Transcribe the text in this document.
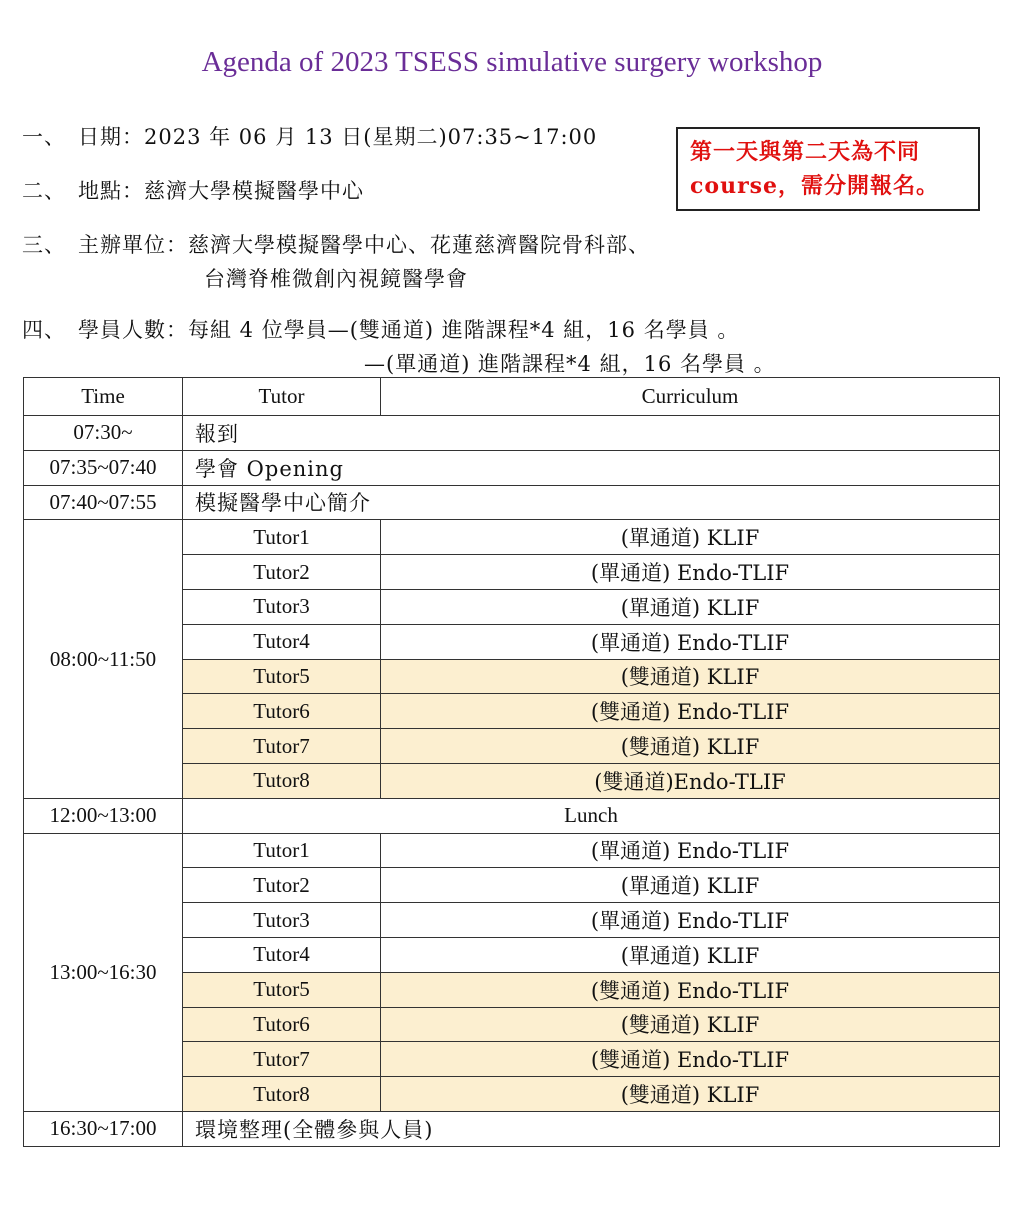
Agenda of 2023 TSESS simulative surgery workshop
一、 日期：2023 年 06 月 13 日(星期二)07:35~17:00
二、 地點：慈濟大學模擬醫學中心
三、 主辦單位：慈濟大學模擬醫學中心、花蓮慈濟醫院骨科部、
台灣脊椎微創內視鏡醫學會
四、 學員人數：每組 4 位學員—(雙通道) 進階課程*4 組，16 名學員 。
—(單通道) 進階課程*4 組，16 名學員 。
第一天與第二天為不同
course，需分開報名。
Time	Tutor	Curriculum
07:30~	報到	
07:35~07:40	學會 Opening	
07:40~07:55	模擬醫學中心簡介	
08:00~11:50	Tutor1	(單通道) KLIF
	Tutor2	(單通道) Endo-TLIF
	Tutor3	(單通道) KLIF
	Tutor4	(單通道) Endo-TLIF
	Tutor5	(雙通道) KLIF
	Tutor6	(雙通道) Endo-TLIF
	Tutor7	(雙通道) KLIF
	Tutor8	(雙通道)Endo-TLIF
12:00~13:00	Lunch	
13:00~16:30	Tutor1	(單通道) Endo-TLIF
	Tutor2	(單通道) KLIF
	Tutor3	(單通道) Endo-TLIF
	Tutor4	(單通道) KLIF
	Tutor5	(雙通道) Endo-TLIF
	Tutor6	(雙通道) KLIF
	Tutor7	(雙通道) Endo-TLIF
	Tutor8	(雙通道) KLIF
16:30~17:00	環境整理(全體參與人員)	
